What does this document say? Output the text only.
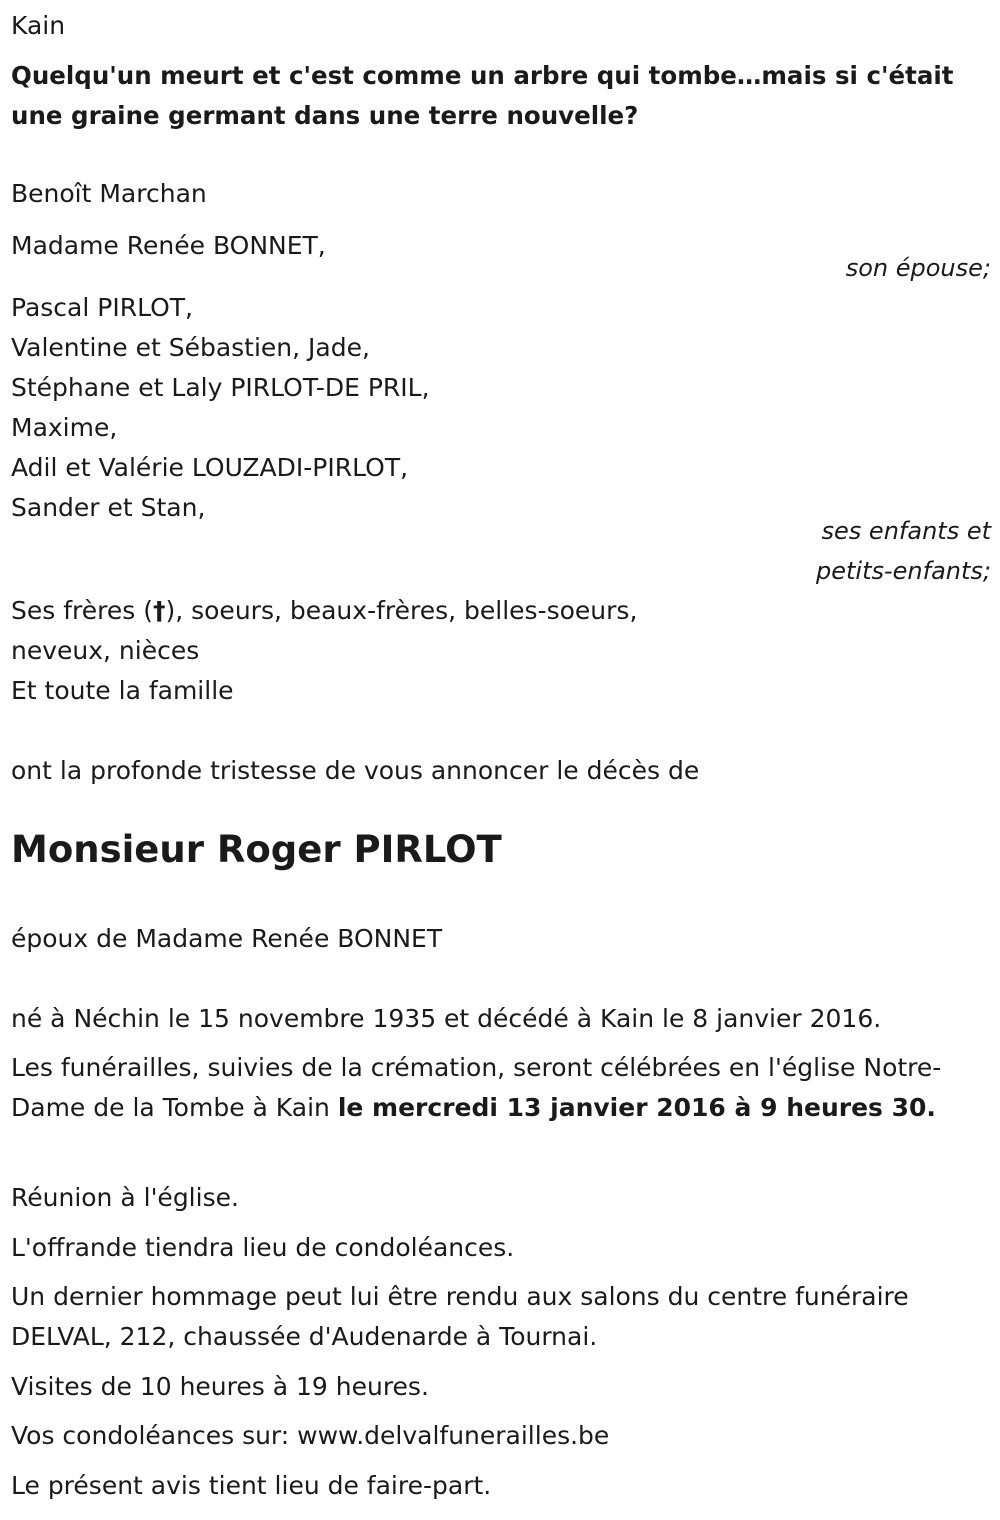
Kain
Quelqu'un meurt et c'est comme un arbre qui tombe…mais si c'était une graine germant dans une terre nouvelle?
Benoît Marchan
Madame Renée BONNET,
son épouse;
Pascal PIRLOT,
Valentine et Sébastien, Jade,
Stéphane et Laly PIRLOT-DE PRIL,
Maxime,
Adil et Valérie LOUZADI-PIRLOT,
Sander et Stan,
ses enfants et
petits-enfants;
Ses frères (†), soeurs, beaux-frères, belles-soeurs,
neveux, nièces
Et toute la famille
ont la profonde tristesse de vous annoncer le décès de
Monsieur Roger PIRLOT
époux de Madame Renée BONNET
né à Néchin le 15 novembre 1935 et décédé à Kain le 8 janvier 2016.
Les funérailles, suivies de la crémation, seront célébrées en l'église Notre-Dame de la Tombe à Kain le mercredi 13 janvier 2016 à 9 heures 30.
Réunion à l'église.
L'offrande tiendra lieu de condoléances.
Un dernier hommage peut lui être rendu aux salons du centre funéraire DELVAL, 212, chaussée d'Audenarde à Tournai.
Visites de 10 heures à 19 heures.
Vos condoléances sur: www.delvalfunerailles.be
Le présent avis tient lieu de faire-part.
